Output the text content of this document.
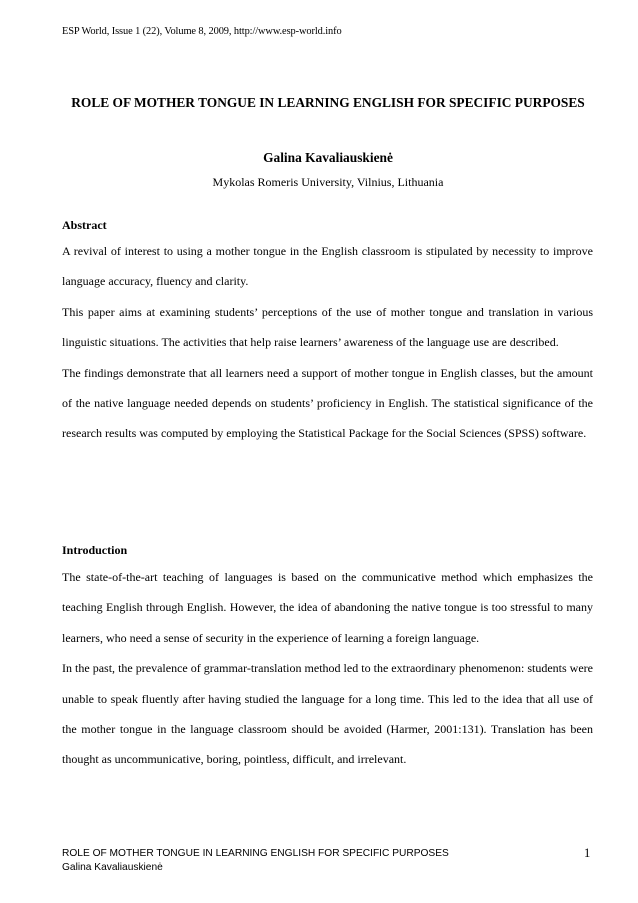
ESP World, Issue 1 (22), Volume 8, 2009, http://www.esp-world.info
ROLE OF MOTHER TONGUE IN LEARNING ENGLISH FOR SPECIFIC PURPOSES
Galina Kavaliauskienė
Mykolas Romeris University, Vilnius, Lithuania
Abstract

A revival of interest to using a mother tongue in the English classroom is stipulated by necessity to improve language accuracy, fluency and clarity.

This paper aims at examining students’ perceptions of the use of mother tongue and translation in various linguistic situations. The activities that help raise learners’ awareness of the language use are described.

The findings demonstrate that all learners need a support of mother tongue in English classes, but the amount of the native language needed depends on students’ proficiency in English. The statistical significance of the research results was computed by employing the Statistical Package for the Social Sciences (SPSS) software.

Introduction

The state-of-the-art teaching of languages is based on the communicative method which emphasizes the teaching English through English. However, the idea of abandoning the native tongue is too stressful to many learners, who need a sense of security in the experience of learning a foreign language.

In the past, the prevalence of grammar-translation method led to the extraordinary phenomenon: students were unable to speak fluently after having studied the language for a long time. This led to the idea that all use of the mother tongue in the language classroom should be avoided (Harmer, 2001:131). Translation has been thought as uncommunicative, boring, pointless, difficult, and irrelevant.

ROLE OF MOTHER TONGUE IN LEARNING ENGLISH FOR SPECIFIC PURPOSES
Galina Kavaliauskienė
1
